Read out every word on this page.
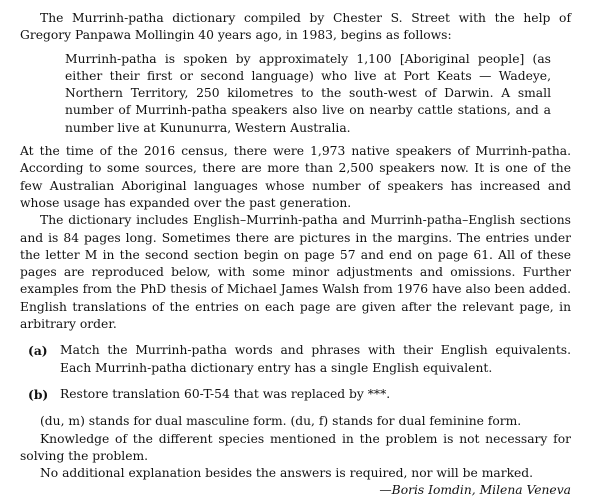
The Murrinh-patha dictionary compiled by Chester S. Street with the help of Gregory Panpawa Mollingin 40 years ago, in 1983, begins as follows:

Murrinh-patha is spoken by approximately 1,100 [Aboriginal people] (as either their first or second language) who live at Port Keats — Wadeye, Northern Territory, 250 kilometres to the south-west of Darwin. A small number of Murrinh-patha speakers also live on nearby cattle stations, and a number live at Kununurra, Western Australia.

At the time of the 2016 census, there were 1,973 native speakers of Murrinh-patha. According to some sources, there are more than 2,500 speakers now. It is one of the few Australian Aboriginal languages whose number of speakers has increased and whose usage has expanded over the past generation.

The dictionary includes English–Murrinh-patha and Murrinh-patha–English sections and is 84 pages long. Sometimes there are pictures in the margins. The entries under the letter M in the second section begin on page 57 and end on page 61. All of these pages are reproduced below, with some minor adjustments and omissions. Further examples from the PhD thesis of Michael James Walsh from 1976 have also been added. English translations of the entries on each page are given after the relevant page, in arbitrary order.

(a)	Match the Murrinh-patha words and phrases with their English equivalents. Each Murrinh-patha dictionary entry has a single English equivalent.
(b) Restore translation 60-T-54 that was replaced by ***.

(du, m) stands for dual masculine form. (du, f) stands for dual feminine form.

Knowledge of the different species mentioned in the problem is not necessary for solving the problem.

No additional explanation besides the answers is required, nor will be marked.

—Boris Iomdin, Milena Veneva
